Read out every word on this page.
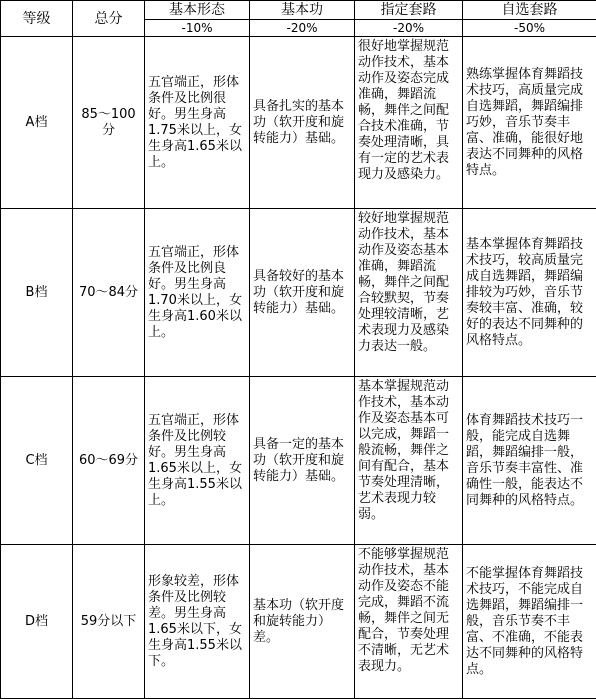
等级	总分	基本形态	基本功	指定套路	自选套路
		-10%	-20%	-20%	-50%
A档	85～100分	五官端正，形体条件及比例很好。男生身高1.75米以上，女生身高1.65米以上。	具备扎实的基本功（软开度和旋转能力）基础。	很好地掌握规范动作技术，基本动作及姿态完成准确，舞蹈流畅，舞伴之间配合技术准确，节奏处理清晰，具有一定的艺术表现力及感染力。	熟练掌握体育舞蹈技术技巧，高质量完成自选舞蹈，舞蹈编排巧妙，音乐节奏丰富、准确，能很好地表达不同舞种的风格特点。
B档	70～84分	五官端正，形体条件及比例良好。男生身高1.70米以上，女生身高1.60米以上。	具备较好的基本功（软开度和旋转能力）基础。	较好地掌握规范动作技术，基本动作及姿态基本准确，舞蹈流畅，舞伴之间配合较默契，节奏处理较清晰，艺术表现力及感染力表达一般。	基本掌握体育舞蹈技术技巧，较高质量完成自选舞蹈，舞蹈编排较为巧妙，音乐节奏较丰富、准确，较好的表达不同舞种的风格特点。
C档	60～69分	五官端正，形体条件及比例较好。男生身高1.65米以上，女生身高1.55米以上。	具备一定的基本功（软开度和旋转能力）基础。	基本掌握规范动作技术，基本动作及姿态基本可以完成，舞蹈一般流畅，舞伴之间有配合，基本节奏处理清晰，艺术表现力较弱。	体育舞蹈技术技巧一般，能完成自选舞蹈，舞蹈编排一般，音乐节奏丰富性、准确性一般，能表达不同舞种的风格特点。
D档	59分以下	形象较差，形体条件及比例较差。男生身高1.65米以下，女生身高1.55米以下。	基本功（软开度和旋转能力）差。	不能够掌握规范动作技术，基本动作及姿态不能完成，舞蹈不流畅，舞伴之间无配合，节奏处理不清晰，无艺术表现力。	不能掌握体育舞蹈技术技巧，不能完成自选舞蹈，舞蹈编排一般，音乐节奏不丰富、不准确，不能表达不同舞种的风格特点。
